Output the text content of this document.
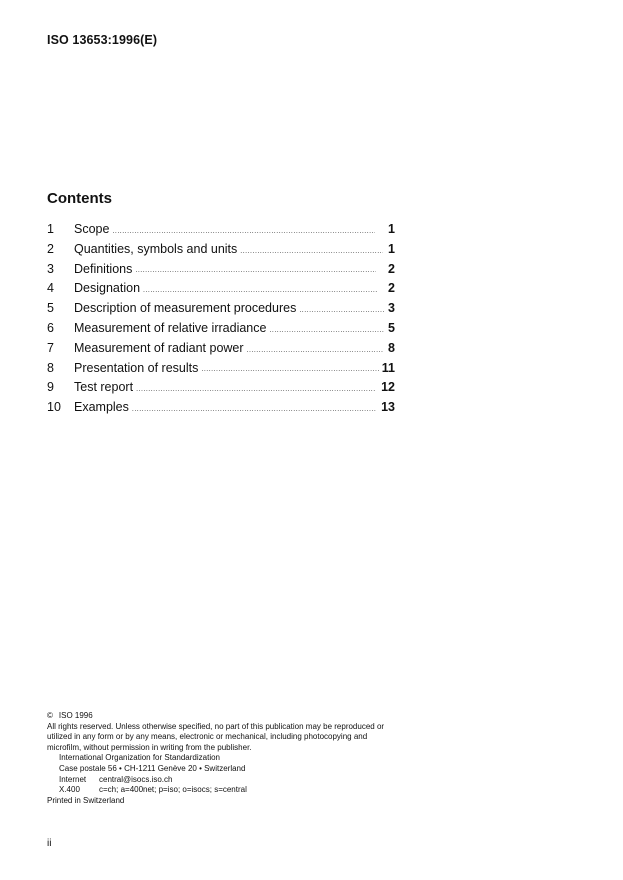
ISO 13653:1996(E)
Contents
1	Scope .....	1
2	Quantities, symbols and units .....	1
3	Definitions .....	2
4	Designation .....	2
5	Description of measurement procedures .....	3
6	Measurement of relative irradiance .....	5
7	Measurement of radiant power .....	8
8	Presentation of results .....	11
9	Test report .....	12
10	Examples .....	13

© ISO 1996

All rights reserved. Unless otherwise specified, no part of this publication may be reproduced or utilized in any form or by any means, electronic or mechanical, including photocopying and microfilm, without permission in writing from the publisher.

International Organization for Standardization

Case postale 56 • CH-1211 Genève 20 • Switzerland

Internet	central@isocs.iso.ch
X.400	c=ch; a=400net; p=iso; o=isocs; s=central

Printed in Switzerland

ii
